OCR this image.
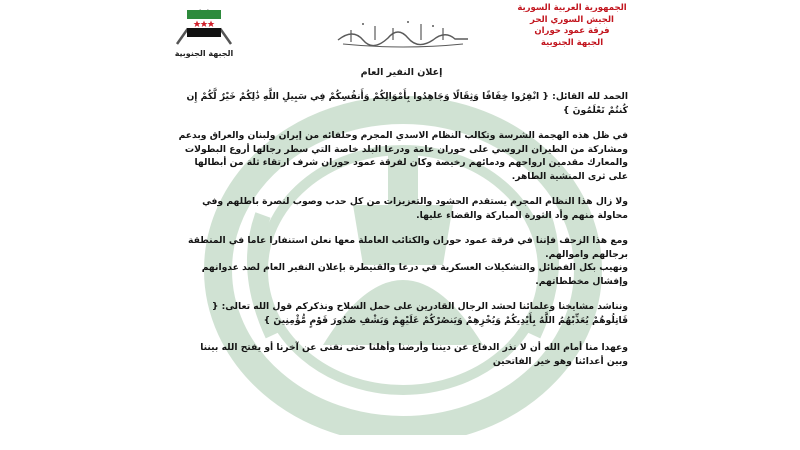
الجبهة الجنوبية
الجمهورية العربية السورية
الجيش السوري الحر
فرقة عمود حوران
الجبهة الجنوبية
إعلان النفير العام

الحمد لله القائل: { انْفِرُوا خِفَافًا وَثِقَالًا وَجَاهِدُوا بِأَمْوَالِكُمْ وَأَنفُسِكُمْ فِي سَبِيلِ اللَّهِ ذَٰلِكُمْ خَيْرٌ لَّكُمْ إِن كُنتُمْ تَعْلَمُونَ }

في ظل هذه الهجمة الشرسة وتكالب النظام الاسدي المجرم وحلفائه من إيران ولبنان والعراق وبدعم ومشاركة من الطيران الروسي على حوران عامة ودرعا البلد خاصة التي سطر رجالها أروع البطولات والمعارك مقدمين ارواحهم ودمائهم رخيصة وكان لفرقة عمود حوران شرف ارتقاء ثلة من أبطالها على ثرى المنشية الطاهر.

ولا زال هذا النظام المجرم يستقدم الحشود والتعزيزات من كل حدب وصوب لنصرة باطلهم وفي محاولة منهم وأد الثورة المباركة والقضاء عليها.

ومع هذا الزحف فإننا في فرقة عمود حوران والكتائب العاملة معها نعلن استنفارا عاما في المنطقة برجالهم واموالهم.

ونهيب بكل الفصائل والتشكيلات العسكرية في درعا والقنيطرة بإعلان النفير العام لصد عدوانهم وإفشال مخططاتهم.

ونناشد مشايخنا وعلمائنا لحشد الرجال القادرين على حمل السلاح ونذكركم قول الله تعالى: { قَاتِلُوهُمْ يُعَذِّبْهُمُ اللَّهُ بِأَيْدِيكُمْ وَيُخْزِهِمْ وَيَنصُرْكُمْ عَلَيْهِمْ وَيَشْفِ صُدُورَ قَوْمٍ مُّؤْمِنِينَ }

وعهدا منا أمام الله أن لا نذر الدفاع عن ديننا وأرضنا وأهلنا حتى نفنى عن آخرنا أو يفتح الله بيننا وبين أعدائنا وهو خير الفاتحين
